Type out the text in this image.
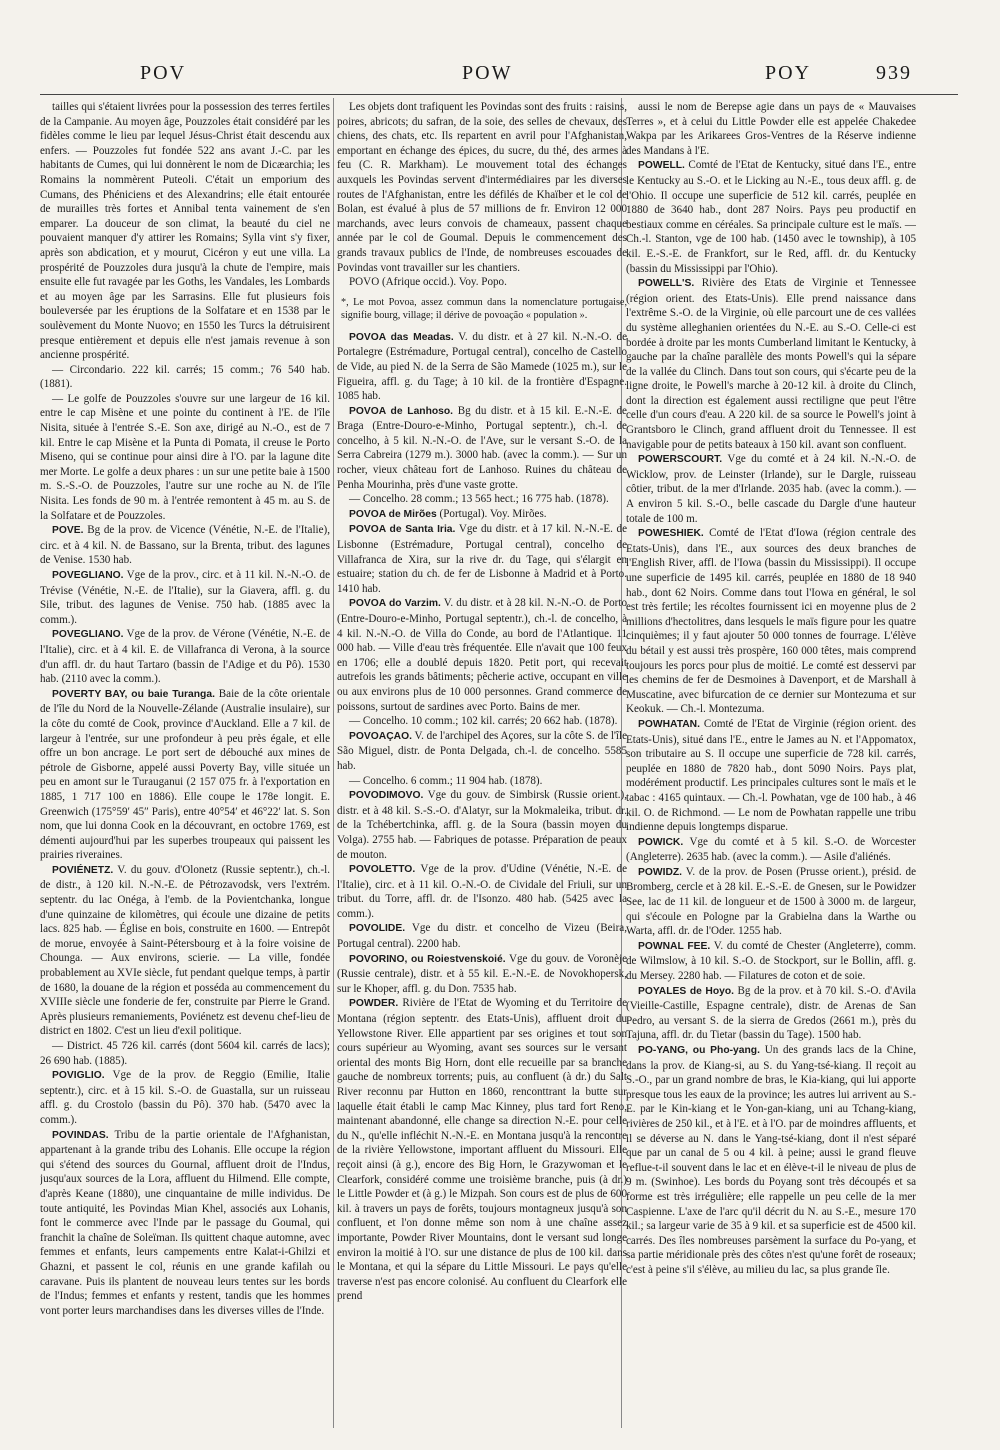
POV	POW	POY	939

tailles qui s'étaient livrées pour la possession des terres fertiles de la Campanie. Au moyen âge, Pouzzoles était considéré par les fidèles comme le lieu par lequel Jésus-Christ était descendu aux enfers. — Pouzzoles fut fondée 522 ans avant J.-C. par les habitants de Cumes, qui lui donnèrent le nom de Dicæarchia; les Romains la nommèrent Puteoli. C'était un emporium des Cumans, des Phéniciens et des Alexandrins; elle était entourée de murailles très fortes et Annibal tenta vainement de s'en emparer. La douceur de son climat, la beauté du ciel ne pouvaient manquer d'y attirer les Romains; Sylla vint s'y fixer, après son abdication, et y mourut, Cicéron y eut une villa. La prospérité de Pouzzoles dura jusqu'à la chute de l'empire, mais ensuite elle fut ravagée par les Goths, les Vandales, les Lombards et au moyen âge par les Sarrasins. Elle fut plusieurs fois bouleversée par les éruptions de la Solfatare et en 1538 par le soulèvement du Monte Nuovo; en 1550 les Turcs la détruisirent presque entièrement et depuis elle n'est jamais revenue à son ancienne prospérité.

— Circondario. 222 kil. carrés; 15 comm.; 76 540 hab. (1881).

— Le golfe de Pouzzoles s'ouvre sur une largeur de 16 kil. entre le cap Misène et une pointe du continent à l'E. de l'île Nisita, située à l'entrée S.-E. Son axe, dirigé au N.-O., est de 7 kil. Entre le cap Misène et la Punta di Pomata, il creuse le Porto Miseno, qui se continue pour ainsi dire à l'O. par la lagune dite mer Morte. Le golfe a deux phares : un sur une petite baie à 1500 m. S.-S.-O. de Pouzzoles, l'autre sur une roche au N. de l'île Nisita. Les fonds de 90 m. à l'entrée remontent à 45 m. au S. de la Solfatare et de Pouzzoles.

POVE. Bg de la prov. de Vicence (Vénétie, N.-E. de l'Italie), circ. et à 4 kil. N. de Bassano, sur la Brenta, tribut. des lagunes de Venise. 1530 hab.

POVEGLIANO. Vge de la prov., circ. et à 11 kil. N.-N.-O. de Trévise (Vénétie, N.-E. de l'Italie), sur la Giavera, affl. g. du Sile, tribut. des lagunes de Venise. 750 hab. (1885 avec la comm.).

POVEGLIANO. Vge de la prov. de Vérone (Vénétie, N.-E. de l'Italie), circ. et à 4 kil. E. de Villafranca di Verona, à la source d'un affl. dr. du haut Tartaro (bassin de l'Adige et du Pô). 1530 hab. (2110 avec la comm.).

POVERTY BAY, ou baie Turanga. Baie de la côte orientale de l'île du Nord de la Nouvelle-Zélande (Australie insulaire), sur la côte du comté de Cook, province d'Auckland. Elle a 7 kil. de largeur à l'entrée, sur une profondeur à peu près égale, et elle offre un bon ancrage. Le port sert de débouché aux mines de pétrole de Gisborne, appelé aussi Poverty Bay, ville située un peu en amont sur le Turauganui (2 157 075 fr. à l'exportation en 1885, 1 717 100 en 1886). Elle coupe le 178e longit. E. Greenwich (175°59′ 45″ Paris), entre 40°54′ et 46°22′ lat. S. Son nom, que lui donna Cook en la découvrant, en octobre 1769, est démenti aujourd'hui par les superbes troupeaux qui paissent les prairies riveraines.

POVIÉNETZ. V. du gouv. d'Olonetz (Russie septentr.), ch.-l. de distr., à 120 kil. N.-N.-E. de Pétrozavodsk, vers l'extrém. septentr. du lac Onéga, à l'emb. de la Povientchanka, longue d'une quinzaine de kilomètres, qui écoule une dizaine de petits lacs. 825 hab. — Église en bois, construite en 1600. — Entrepôt de morue, envoyée à Saint-Pétersbourg et à la foire voisine de Chounga. — Aux environs, scierie. — La ville, fondée probablement au XVIe siècle, fut pendant quelque temps, à partir de 1680, la douane de la région et posséda au commencement du XVIIIe siècle une fonderie de fer, construite par Pierre le Grand. Après plusieurs remaniements, Poviénetz est devenu chef-lieu de district en 1802. C'est un lieu d'exil politique.

— District. 45 726 kil. carrés (dont 5604 kil. carrés de lacs); 26 690 hab. (1885).

POVIGLIO. Vge de la prov. de Reggio (Emilie, Italie septentr.), circ. et à 15 kil. S.-O. de Guastalla, sur un ruisseau affl. g. du Crostolo (bassin du Pô). 370 hab. (5470 avec la comm.).

POVINDAS. Tribu de la partie orientale de l'Afghanistan, appartenant à la grande tribu des Lohanis. Elle occupe la région qui s'étend des sources du Gournal, affluent droit de l'Indus, jusqu'aux sources de la Lora, affluent du Hilmend. Elle compte, d'après Keane (1880), une cinquantaine de mille individus. De toute antiquité, les Povindas Mian Khel, associés aux Lohanis, font le commerce avec l'Inde par le passage du Goumal, qui franchit la chaîne de Soleïman. Ils quittent chaque automne, avec femmes et enfants, leurs campements entre Kalat-i-Ghilzi et Ghazni, et passent le col, réunis en une grande kafilah ou caravane. Puis ils plantent de nouveau leurs tentes sur les bords de l'Indus; femmes et enfants y restent, tandis que les hommes vont porter leurs marchandises dans les diverses villes de l'Inde.

Les objets dont trafiquent les Povindas sont des fruits : raisins, poires, abricots; du safran, de la soie, des selles de chevaux, des chiens, des chats, etc. Ils repartent en avril pour l'Afghanistan, emportant en échange des épices, du sucre, du thé, des armes à feu (C. R. Markham). Le mouvement total des échanges auxquels les Povindas servent d'intermédiaires par les diverses routes de l'Afghanistan, entre les défilés de Khaïber et le col de Bolan, est évalué à plus de 57 millions de fr. Environ 12 000 marchands, avec leurs convois de chameaux, passent chaque année par le col de Goumal. Depuis le commencement des grands travaux publics de l'Inde, de nombreuses escouades de Povindas vont travailler sur les chantiers.

POVO (Afrique occid.). Voy. Popo.

*, Le mot Povoa, assez commun dans la nomenclature portugaise, signifie bourg, village; il dérive de povoação « population ».

POVOA das Meadas. V. du distr. et à 27 kil. N.-N.-O. de Portalegre (Estrémadure, Portugal central), concelho de Castello de Vide, au pied N. de la Serra de São Mamede (1025 m.), sur le Figueira, affl. g. du Tage; à 10 kil. de la frontière d'Espagne. 1085 hab.

POVOA de Lanhoso. Bg du distr. et à 15 kil. E.-N.-E. de Braga (Entre-Douro-e-Minho, Portugal septentr.), ch.-l. de concelho, à 5 kil. N.-N.-O. de l'Ave, sur le versant S.-O. de la Serra Cabreira (1279 m.). 3000 hab. (avec la comm.). — Sur un rocher, vieux château fort de Lanhoso. Ruines du château de Penha Mourinha, près d'une vaste grotte.

— Concelho. 28 comm.; 13 565 hect.; 16 775 hab. (1878).

POVOA de Mirões (Portugal). Voy. Mirões.

POVOA de Santa Iria. Vge du distr. et à 17 kil. N.-N.-E. de Lisbonne (Estrémadure, Portugal central), concelho de Villafranca de Xira, sur la rive dr. du Tage, qui s'élargit en estuaire; station du ch. de fer de Lisbonne à Madrid et à Porto. 1410 hab.

POVOA do Varzim. V. du distr. et à 28 kil. N.-N.-O. de Porto (Entre-Douro-e-Minho, Portugal septentr.), ch.-l. de concelho, à 4 kil. N.-N.-O. de Villa do Conde, au bord de l'Atlantique. 11 000 hab. — Ville d'eau très fréquentée. Elle n'avait que 100 feux en 1706; elle a doublé depuis 1820. Petit port, qui recevait autrefois les grands bâtiments; pêcherie active, occupant en ville ou aux environs plus de 10 000 personnes. Grand commerce de poissons, surtout de sardines avec Porto. Bains de mer.

— Concelho. 10 comm.; 102 kil. carrés; 20 662 hab. (1878).

POVOAÇAO. V. de l'archipel des Açores, sur la côte S. de l'île São Miguel, distr. de Ponta Delgada, ch.-l. de concelho. 5585 hab.

— Concelho. 6 comm.; 11 904 hab. (1878).

POVODIMOVO. Vge du gouv. de Simbirsk (Russie orient.), distr. et à 48 kil. S.-S.-O. d'Alatyr, sur la Mokmaleika, tribut. dr. de la Tchébertchinka, affl. g. de la Soura (bassin moyen du Volga). 2755 hab. — Fabriques de potasse. Préparation de peaux de mouton.

POVOLETTO. Vge de la prov. d'Udine (Vénétie, N.-E. de l'Italie), circ. et à 11 kil. O.-N.-O. de Cividale del Friuli, sur un tribut. du Torre, affl. dr. de l'Isonzo. 480 hab. (5425 avec la comm.).

POVOLIDE. Vge du distr. et concelho de Vizeu (Beira, Portugal central). 2200 hab.

POVORINO, ou Roiestvenskoié. Vge du gouv. de Voronèje (Russie centrale), distr. et à 55 kil. E.-N.-E. de Novokhopersk, sur le Khoper, affl. g. du Don. 7535 hab.

POWDER. Rivière de l'Etat de Wyoming et du Territoire de Montana (région septentr. des Etats-Unis), affluent droit du Yellowstone River. Elle appartient par ses origines et tout son cours supérieur au Wyoming, avant ses sources sur le versant oriental des monts Big Horn, dont elle recueille par sa branche gauche de nombreux torrents; puis, au confluent (à dr.) du Salt River reconnu par Hutton en 1860, renconttrant la butte sur laquelle était établi le camp Mac Kinney, plus tard fort Reno, maintenant abandonné, elle change sa direction N.-E. pour celle du N., qu'elle infléchit N.-N.-E. en Montana jusqu'à la rencontre de la rivière Yellowstone, important affluent du Missouri. Elle reçoit ainsi (à g.), encore des Big Horn, le Grazywoman et le Clearfork, considéré comme une troisième branche, puis (à dr.) le Little Powder et (à g.) le Mizpah. Son cours est de plus de 600 kil. à travers un pays de forêts, toujours montagneux jusqu'à son confluent, et l'on donne même son nom à une chaîne assez importante, Powder River Mountains, dont le versant sud longe environ la moitié à l'O. sur une distance de plus de 100 kil. dans le Montana, et qui la sépare du Little Missouri. Le pays qu'elle traverse n'est pas encore colonisé. Au confluent du Clearfork elle prend

aussi le nom de Berepse agie dans un pays de « Mauvaises Terres », et à celui du Little Powder elle est appelée Chakedee Wakpa par les Arikarees Gros-Ventres de la Réserve indienne des Mandans à l'E.

POWELL. Comté de l'Etat de Kentucky, situé dans l'E., entre le Kentucky au S.-O. et le Licking au N.-E., tous deux affl. g. de l'Ohio. Il occupe une superficie de 512 kil. carrés, peuplée en 1880 de 3640 hab., dont 287 Noirs. Pays peu productif en bestiaux comme en céréales. Sa principale culture est le maïs. — Ch.-l. Stanton, vge de 100 hab. (1450 avec le township), à 105 kil. E.-S.-E. de Frankfort, sur le Red, affl. dr. du Kentucky (bassin du Mississippi par l'Ohio).

POWELL'S. Rivière des Etats de Virginie et Tennessee (région orient. des Etats-Unis). Elle prend naissance dans l'extrême S.-O. de la Virginie, où elle parcourt une de ces vallées du système alleghanien orientées du N.-E. au S.-O. Celle-ci est bordée à droite par les monts Cumberland limitant le Kentucky, à gauche par la chaîne parallèle des monts Powell's qui la sépare de la vallée du Clinch. Dans tout son cours, qui s'écarte peu de la ligne droite, le Powell's marche à 20-12 kil. à droite du Clinch, dont la direction est également aussi rectiligne que peut l'être celle d'un cours d'eau. A 220 kil. de sa source le Powell's joint à Grantsboro le Clinch, grand affluent droit du Tennessee. Il est navigable pour de petits bateaux à 150 kil. avant son confluent.

POWERSCOURT. Vge du comté et à 24 kil. N.-N.-O. de Wicklow, prov. de Leinster (Irlande), sur le Dargle, ruisseau côtier, tribut. de la mer d'Irlande. 2035 hab. (avec la comm.). — A environ 5 kil. S.-O., belle cascade du Dargle d'une hauteur totale de 100 m.

POWESHIEK. Comté de l'Etat d'Iowa (région centrale des Etats-Unis), dans l'E., aux sources des deux branches de l'English River, affl. de l'Iowa (bassin du Mississippi). Il occupe une superficie de 1495 kil. carrés, peuplée en 1880 de 18 940 hab., dont 62 Noirs. Comme dans tout l'Iowa en général, le sol est très fertile; les récoltes fournissent ici en moyenne plus de 2 millions d'hectolitres, dans lesquels le maïs figure pour les quatre cinquièmes; il y faut ajouter 50 000 tonnes de fourrage. L'élève du bétail y est aussi très prospère, 160 000 têtes, mais comprend toujours les porcs pour plus de moitié. Le comté est desservi par les chemins de fer de Desmoines à Davenport, et de Marshall à Muscatine, avec bifurcation de ce dernier sur Montezuma et sur Keokuk. — Ch.-l. Montezuma.

POWHATAN. Comté de l'Etat de Virginie (région orient. des Etats-Unis), situé dans l'E., entre le James au N. et l'Appomatox, son tributaire au S. Il occupe une superficie de 728 kil. carrés, peuplée en 1880 de 7820 hab., dont 5090 Noirs. Pays plat, modérément productif. Les principales cultures sont le maïs et le tabac : 4165 quintaux. — Ch.-l. Powhatan, vge de 100 hab., à 46 kil. O. de Richmond. — Le nom de Powhatan rappelle une tribu indienne depuis longtemps disparue.

POWICK. Vge du comté et à 5 kil. S.-O. de Worcester (Angleterre). 2635 hab. (avec la comm.). — Asile d'aliénés.

POWIDZ. V. de la prov. de Posen (Prusse orient.), présid. de Bromberg, cercle et à 28 kil. E.-S.-E. de Gnesen, sur le Powidzer See, lac de 11 kil. de longueur et de 1500 à 3000 m. de largeur, qui s'écoule en Pologne par la Grabielna dans la Warthe ou Warta, affl. dr. de l'Oder. 1255 hab.

POWNAL FEE. V. du comté de Chester (Angleterre), comm. de Wilmslow, à 10 kil. S.-O. de Stockport, sur le Bollin, affl. g. du Mersey. 2280 hab. — Filatures de coton et de soie.

POYALES de Hoyo. Bg de la prov. et à 70 kil. S.-O. d'Avila (Vieille-Castille, Espagne centrale), distr. de Arenas de San Pedro, au versant S. de la sierra de Gredos (2661 m.), près du Tajuna, affl. dr. du Tietar (bassin du Tage). 1500 hab.

PO-YANG, ou Pho-yang. Un des grands lacs de la Chine, dans la prov. de Kiang-si, au S. du Yang-tsé-kiang. Il reçoit au S.-O., par un grand nombre de bras, le Kia-kiang, qui lui apporte presque tous les eaux de la province; les autres lui arrivent au S.-E. par le Kin-kiang et le Yon-gan-kiang, uni au Tchang-kiang, rivières de 250 kil., et à l'E. et à l'O. par de moindres affluents, et il se déverse au N. dans le Yang-tsé-kiang, dont il n'est séparé que par un canal de 5 ou 4 kil. à peine; aussi le grand fleuve reflue-t-il souvent dans le lac et en élève-t-il le niveau de plus de 9 m. (Swinhoe). Les bords du Poyang sont très découpés et sa forme est très irrégulière; elle rappelle un peu celle de la mer Caspienne. L'axe de l'arc qu'il décrit du N. au S.-E., mesure 170 kil.; sa largeur varie de 35 à 9 kil. et sa superficie est de 4500 kil. carrés. Des îles nombreuses parsèment la surface du Po-yang, et sa partie méridionale près des côtes n'est qu'une forêt de roseaux; c'est à peine s'il s'élève, au milieu du lac, sa plus grande île.
